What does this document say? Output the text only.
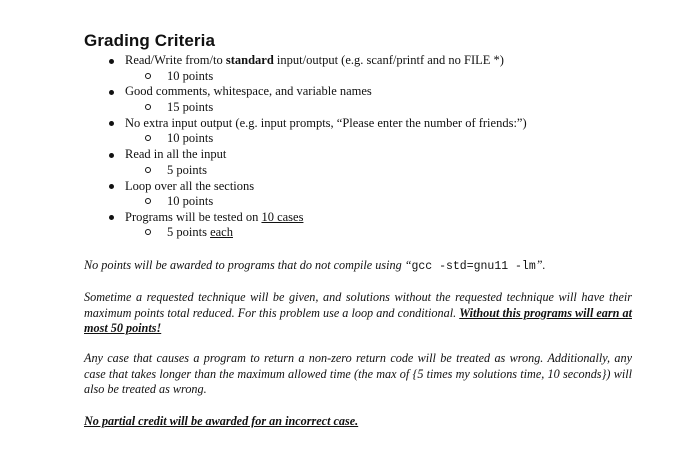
Grading Criteria
Read/Write from/to standard input/output (e.g. scanf/printf and no FILE *)
10 points
Good comments, whitespace, and variable names
15 points
No extra input output (e.g. input prompts, “Please enter the number of friends:”)
10 points
Read in all the input
5 points
Loop over all the sections
10 points
Programs will be tested on 10 cases
5 points each

No points will be awarded to programs that do not compile using “gcc -std=gnu11 -lm”.

Sometime a requested technique will be given, and solutions without the requested technique will have their maximum points total reduced. For this problem use a loop and conditional. Without this programs will earn at most 50 points!

Any case that causes a program to return a non-zero return code will be treated as wrong. Additionally, any case that takes longer than the maximum allowed time (the max of {5 times my solutions time, 10 seconds}) will also be treated as wrong.

No partial credit will be awarded for an incorrect case.
